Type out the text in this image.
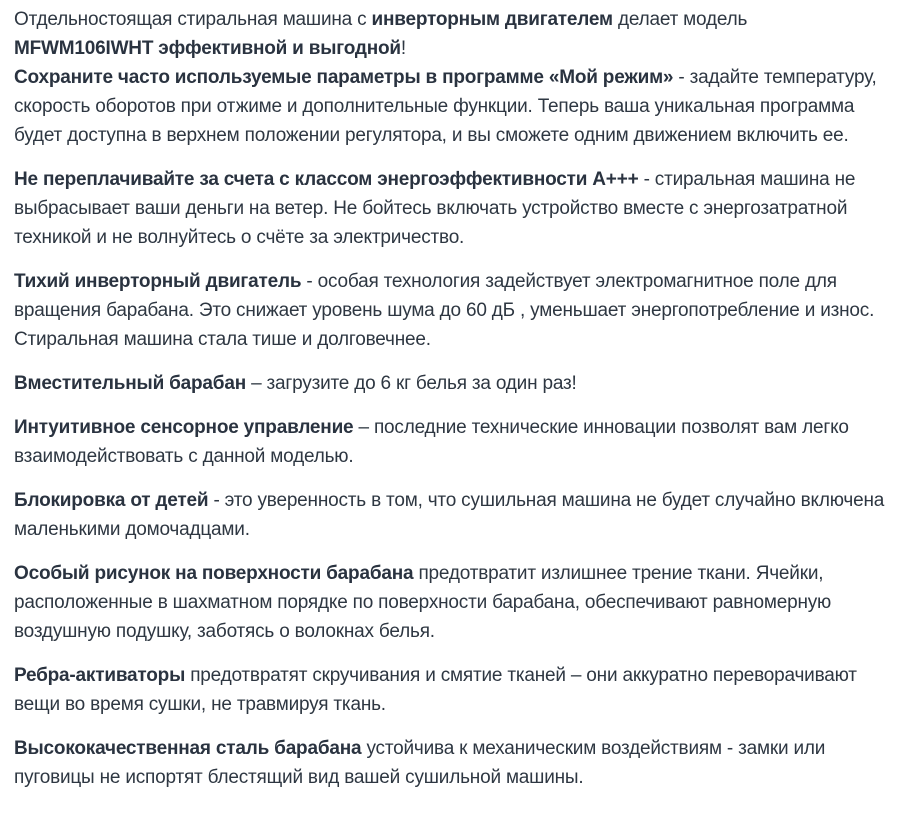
Отдельностоящая стиральная машина с инверторным двигателем делает модель MFWM106IWHT эффективной и выгодной!

Сохраните часто используемые параметры в программе «Мой режим» - задайте температуру, скорость оборотов при отжиме и дополнительные функции. Теперь ваша уникальная программа будет доступна в верхнем положении регулятора, и вы сможете одним движением включить ее.

Не переплачивайте за счета с классом энергоэффективности А+++ - стиральная машина не выбрасывает ваши деньги на ветер. Не бойтесь включать устройство вместе с энергозатратной техникой и не волнуйтесь о счёте за электричество.

Тихий инверторный двигатель - особая технология задействует электромагнитное поле для вращения барабана. Это снижает уровень шума до 60 дБ , уменьшает энергопотребление и износ. Стиральная машина стала тише и долговечнее.

Вместительный барабан – загрузите до 6 кг белья за один раз!

Интуитивное сенсорное управление – последние технические инновации позволят вам легко взаимодействовать с данной моделью.

Блокировка от детей - это уверенность в том, что сушильная машина не будет случайно включена маленькими домочадцами.

Особый рисунок на поверхности барабана предотвратит излишнее трение ткани. Ячейки, расположенные в шахматном порядке по поверхности барабана, обеспечивают равномерную воздушную подушку, заботясь о волокнах белья.

Ребра-активаторы предотвратят скручивания и смятие тканей – они аккуратно переворачивают вещи во время сушки, не травмируя ткань.

Высококачественная сталь барабана устойчива к механическим воздействиям - замки или пуговицы не испортят блестящий вид вашей сушильной машины.
